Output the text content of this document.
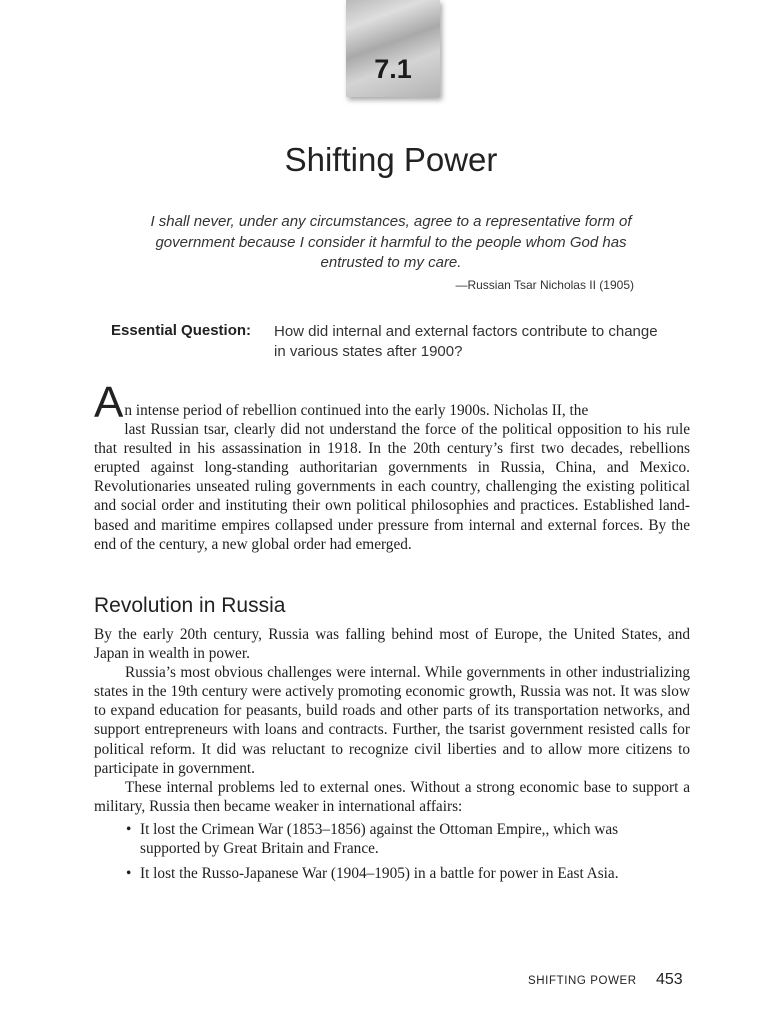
7.1
Shifting Power
I shall never, under any circumstances, agree to a representative form of government because I consider it harmful to the people whom God has entrusted to my care.
—Russian Tsar Nicholas II (1905)
Essential Question: How did internal and external factors contribute to change in various states after 1900?
A n intense period of rebellion continued into the early 1900s. Nicholas II, the
last Russian tsar, clearly did not understand the force of the political opposition to his rule that resulted in his assassination in 1918. In the 20th century’s first two decades, rebellions erupted against long-standing authoritarian governments in Russia, China, and Mexico. Revolutionaries unseated ruling governments in each country, challenging the existing political and social order and instituting their own political philosophies and practices. Established land-based and maritime empires collapsed under pressure from internal and external forces. By the end of the century, a new global order had emerged.

Revolution in Russia

By the early 20th century, Russia was falling behind most of Europe, the United States, and Japan in wealth in power.

Russia’s most obvious challenges were internal. While governments in other industrializing states in the 19th century were actively promoting economic growth, Russia was not. It was slow to expand education for peasants, build roads and other parts of its transportation networks, and support entrepreneurs with loans and contracts. Further, the tsarist government resisted calls for political reform. It did was reluctant to recognize civil liberties and to allow more citizens to participate in government.

These internal problems led to external ones. Without a strong economic base to support a military, Russia then became weaker in international affairs:

• It lost the Crimean War (1853–1856) against the Ottoman Empire,, which was supported by Great Britain and France.
• It lost the Russo-Japanese War (1904–1905) in a battle for power in East Asia.
SHIFTING POWER 453
